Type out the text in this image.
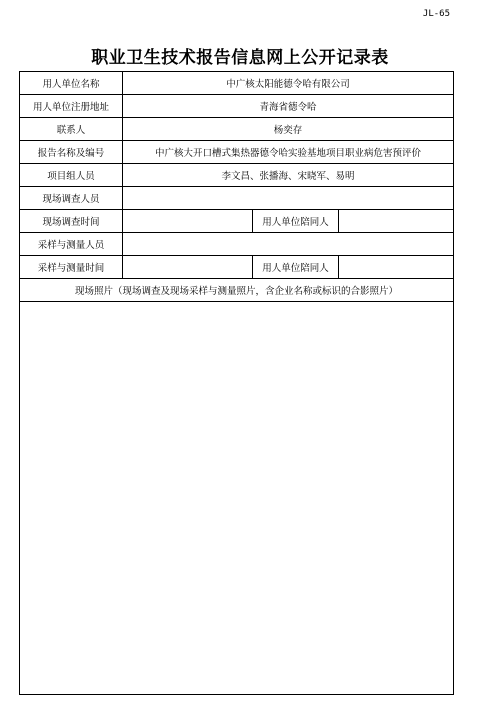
JL-65
职业卫生技术报告信息网上公开记录表
用人单位名称	中广核太阳能德令哈有限公司		
用人单位注册地址	青海省德令哈		
联系人	杨奕存		
报告名称及编号	中广核大开口槽式集热器德令哈实验基地项目职业病危害预评价		
项目组人员	李文昌、张播海、宋晓军、易明		
现场调查人员			
现场调查时间		用人单位陪同人	
采样与测量人员			
采样与测量时间		用人单位陪同人	
现场照片（现场调查及现场采样与测量照片，含企业名称或标识的合影照片）			
